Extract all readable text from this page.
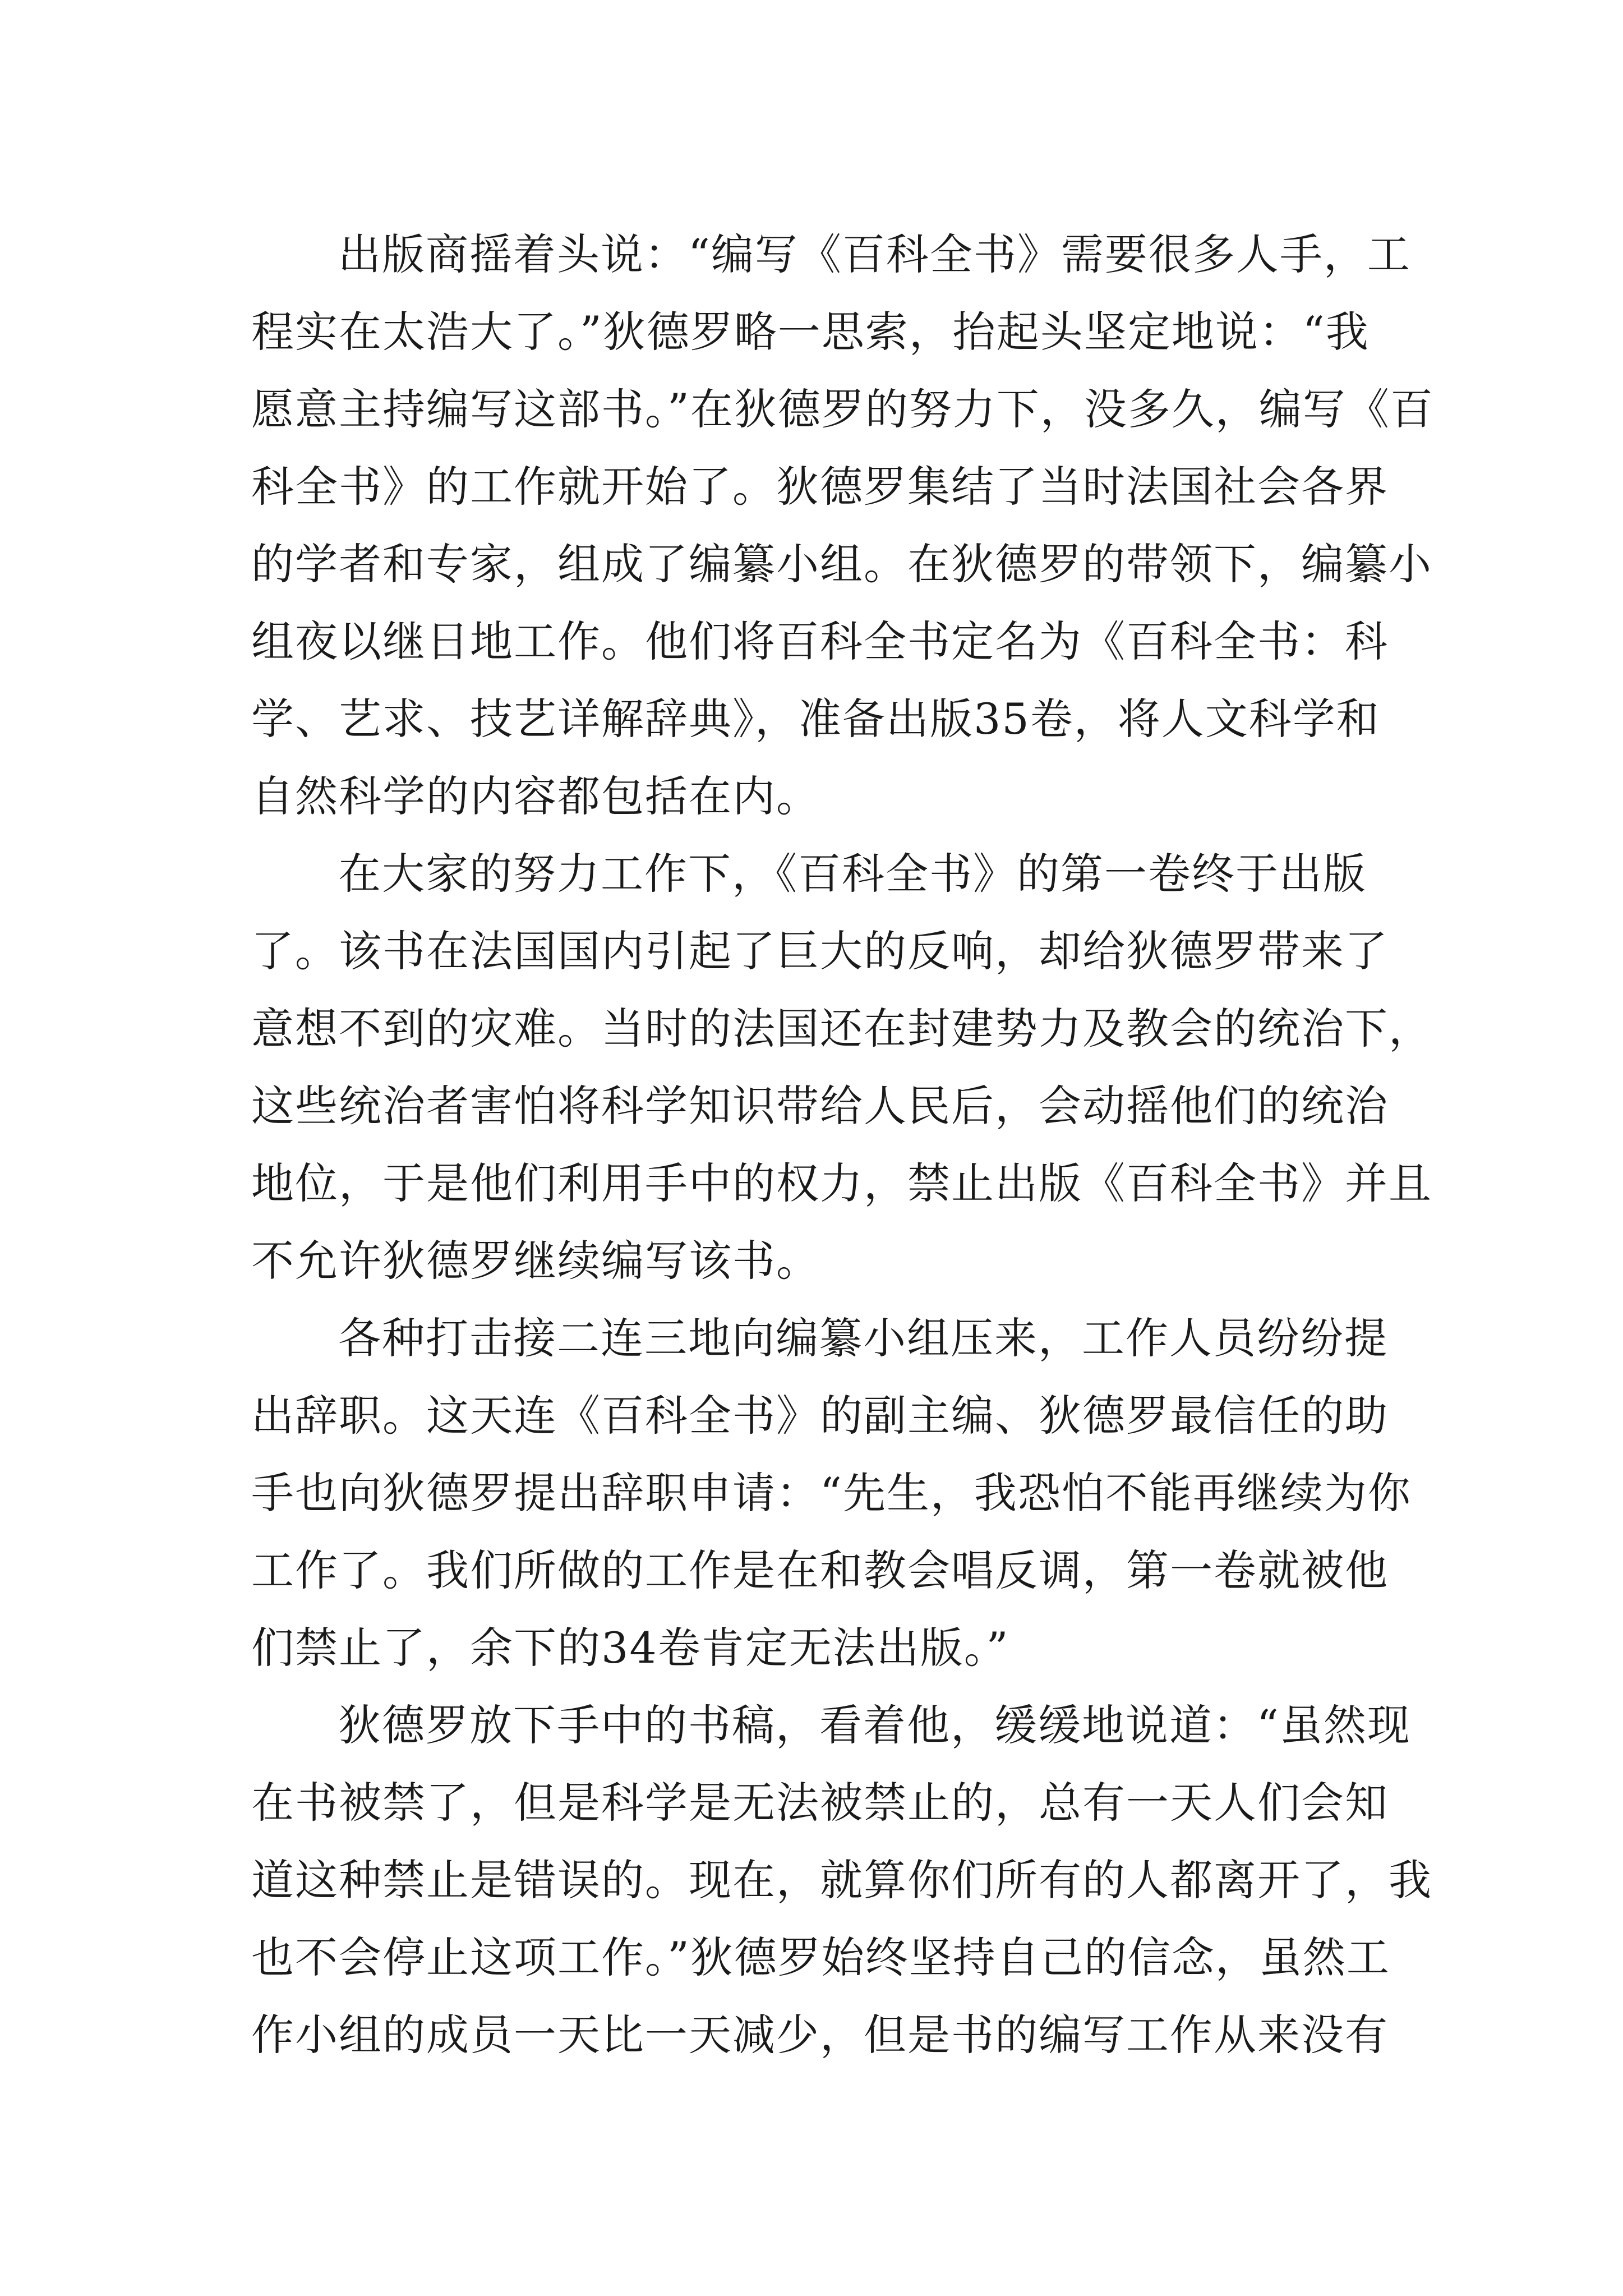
出版商摇着头说：“编写《百科全书》需要很多人手，工
程实在太浩大了。”狄德罗略一思索，抬起头坚定地说：“我
愿意主持编写这部书。”在狄德罗的努力下，没多久，编写《百
科全书》的工作就开始了。狄德罗集结了当时法国社会各界
的学者和专家，组成了编纂小组。在狄德罗的带领下，编纂小
组夜以继日地工作。他们将百科全书定名为《百科全书：科
学、艺求、技艺详解辞典》，准备出版35卷，将人文科学和
自然科学的内容都包括在内。
在大家的努力工作下，《百科全书》的第一卷终于出版
了。该书在法国国内引起了巨大的反响，却给狄德罗带来了
意想不到的灾难。当时的法国还在封建势力及教会的统治下，
这些统治者害怕将科学知识带给人民后，会动摇他们的统治
地位，于是他们利用手中的权力，禁止出版《百科全书》并且
不允许狄德罗继续编写该书。
各种打击接二连三地向编纂小组压来，工作人员纷纷提
出辞职。这天连《百科全书》的副主编、狄德罗最信任的助
手也向狄德罗提出辞职申请：“先生，我恐怕不能再继续为你
工作了。我们所做的工作是在和教会唱反调，第一卷就被他
们禁止了，余下的34卷肯定无法出版。”
狄德罗放下手中的书稿，看着他，缓缓地说道：“虽然现
在书被禁了，但是科学是无法被禁止的，总有一天人们会知
道这种禁止是错误的。现在，就算你们所有的人都离开了，我
也不会停止这项工作。”狄德罗始终坚持自己的信念，虽然工
作小组的成员一天比一天减少，但是书的编写工作从来没有
